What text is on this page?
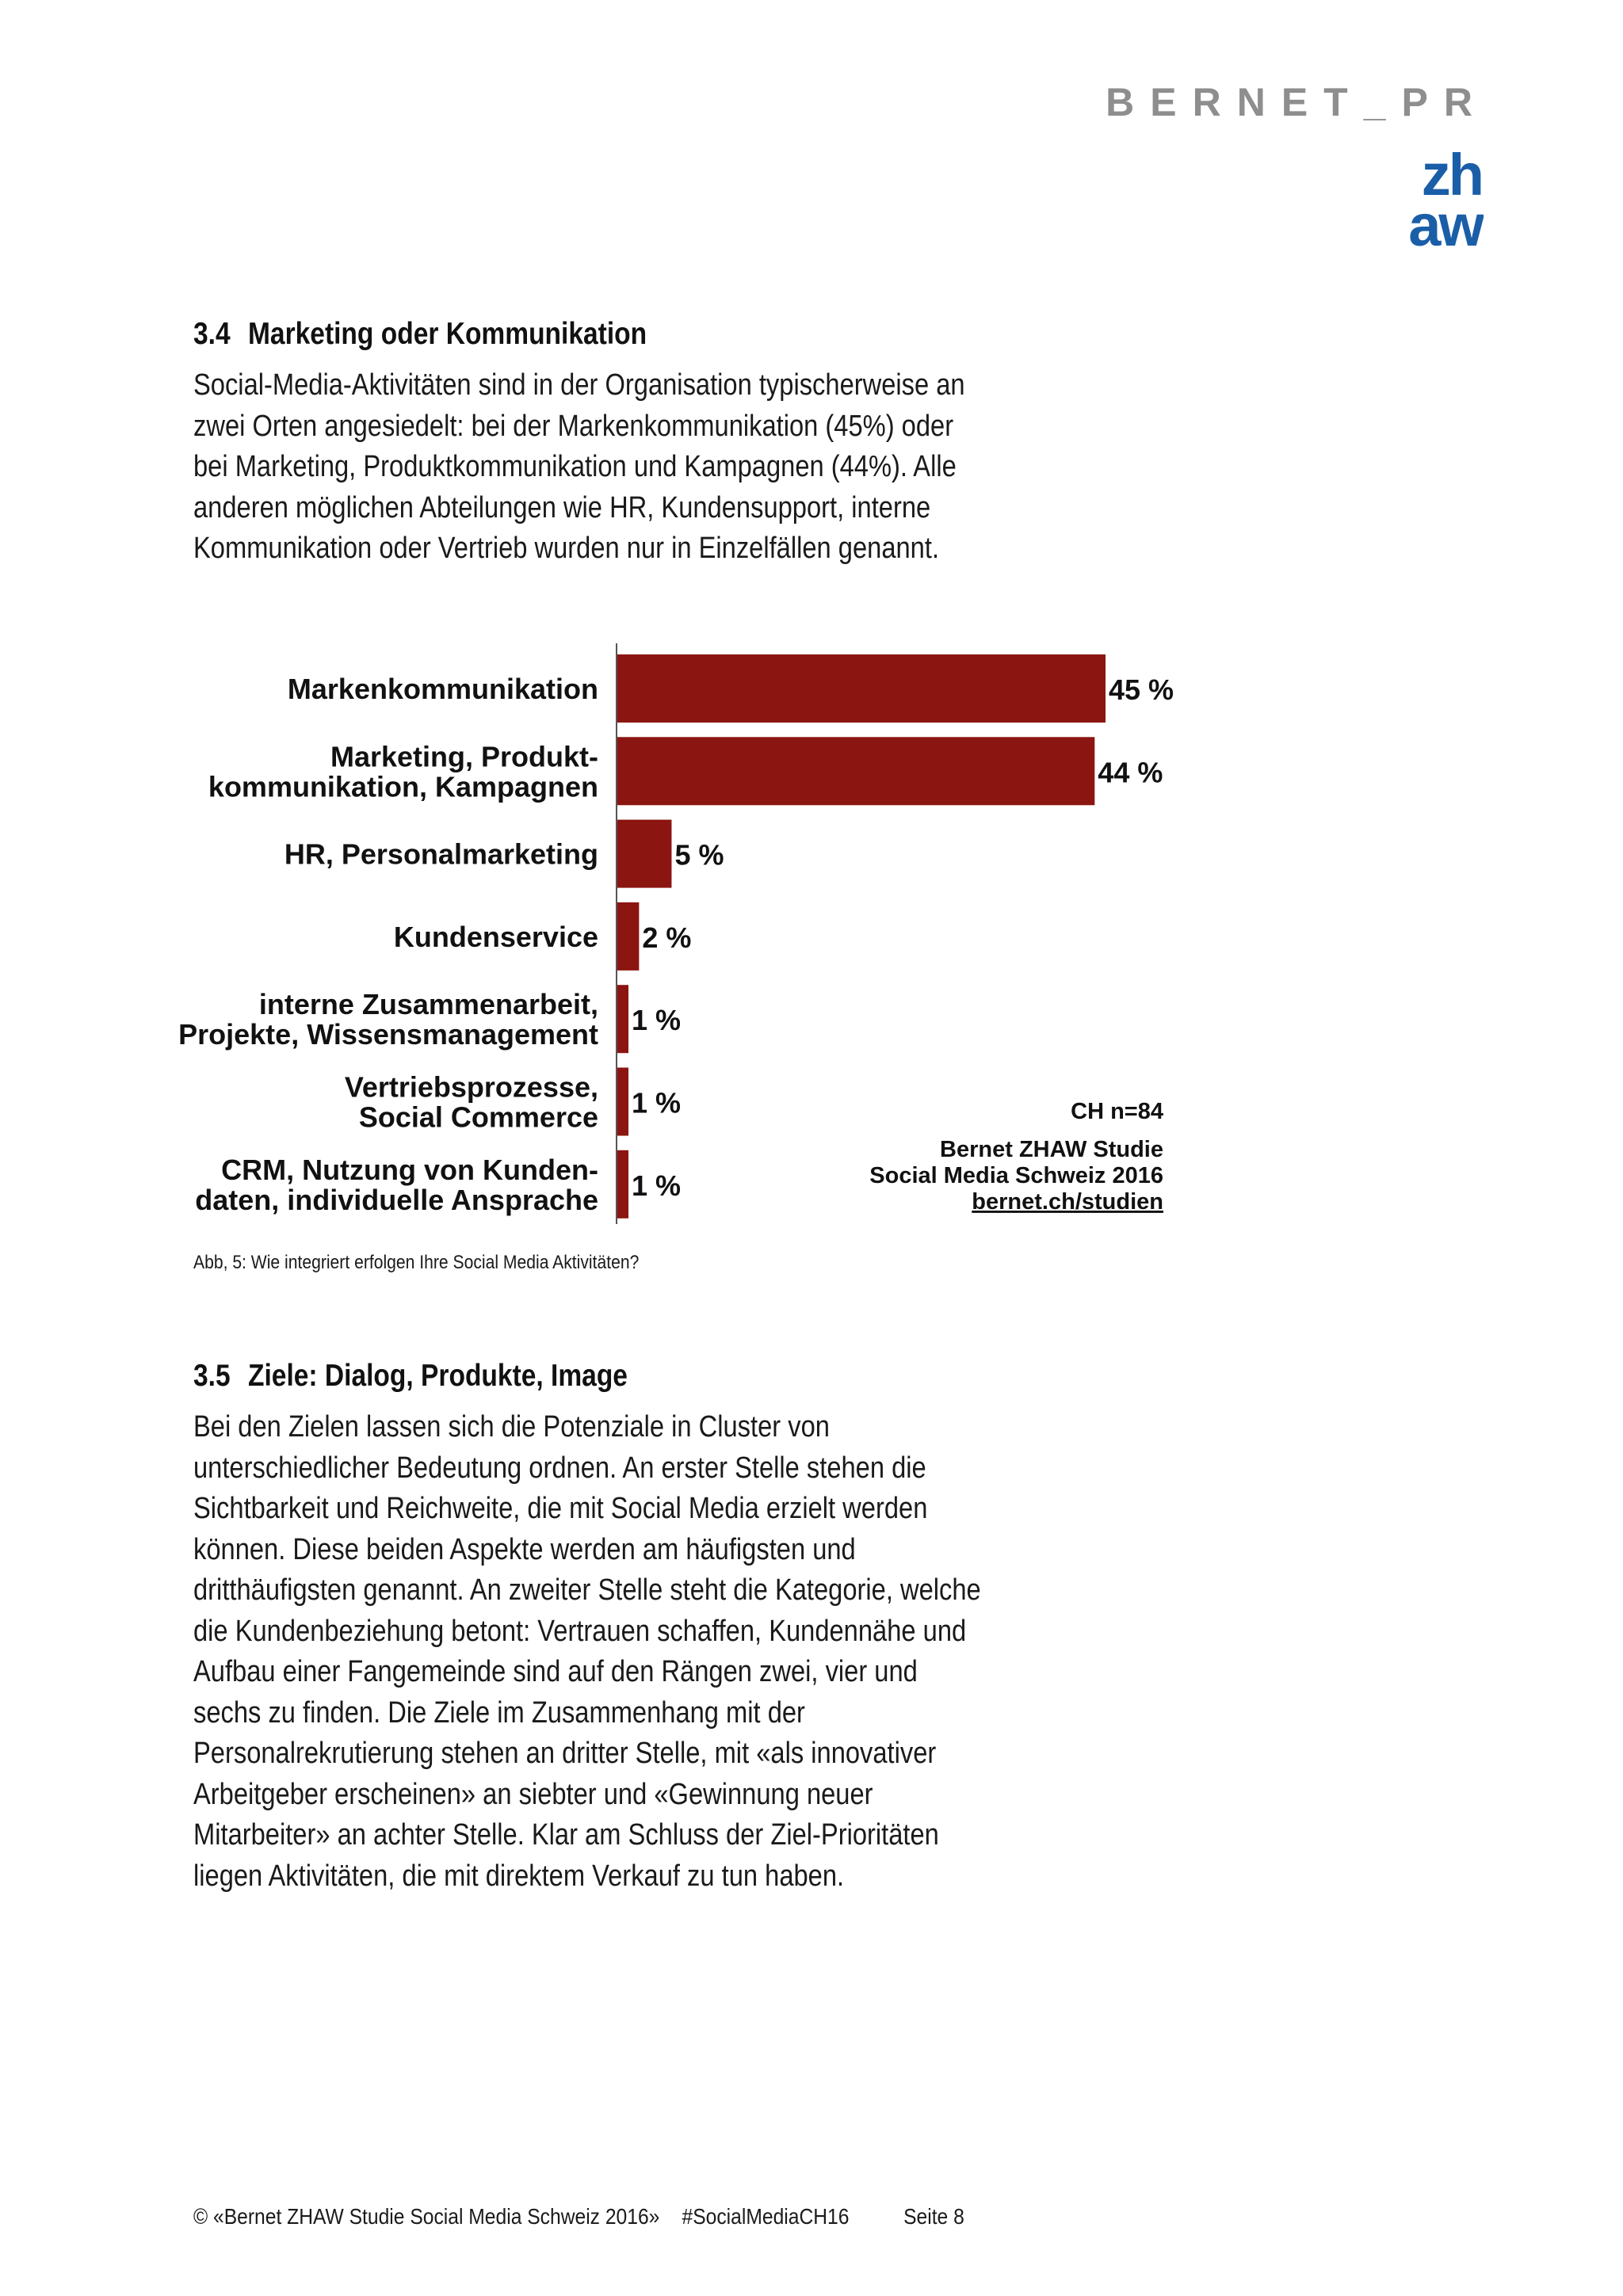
BERNET_PR
zh
aw
3.4 Marketing oder Kommunikation

Social-Media-Aktivitäten sind in der Organisation typischerweise an zwei Orten angesiedelt: bei der Markenkommunikation (45%) oder bei Marketing, Produktkommunikation und Kampagnen (44%). Alle anderen möglichen Abteilungen wie HR, Kundensupport, interne Kommunikation oder Vertrieb wurden nur in Einzelfällen genannt.

45 %
Markenkommunikation
44 %
Marketing, Produkt-
kommunikation, Kampagnen
5 %
HR, Personalmarketing
2 %
Kundenservice
1 %
interne Zusammenarbeit,
Projekte, Wissensmanagement
1 %
Vertriebsprozesse,
Social Commerce
1 %
CRM, Nutzung von Kunden-
daten, individuelle Ansprache
CH n=84
Bernet ZHAW Studie
Social Media Schweiz 2016
bernet.ch/studien
Abb, 5: Wie integriert erfolgen Ihre Social Media Aktivitäten?
3.5 Ziele: Dialog, Produkte, Image

Bei den Zielen lassen sich die Potenziale in Cluster von unterschiedlicher Bedeutung ordnen. An erster Stelle stehen die Sichtbarkeit und Reichweite, die mit Social Media erzielt werden können. Diese beiden Aspekte werden am häufigsten und dritthäufigsten genannt. An zweiter Stelle steht die Kategorie, welche die Kundenbeziehung betont: Vertrauen schaffen, Kundennähe und Aufbau einer Fangemeinde sind auf den Rängen zwei, vier und sechs zu finden. Die Ziele im Zusammenhang mit der Personalrekrutierung stehen an dritter Stelle, mit «als innovativer Arbeitgeber erscheinen» an siebter und «Gewinnung neuer Mitarbeiter» an achter Stelle. Klar am Schluss der Ziel-Prioritäten liegen Aktivitäten, die mit direktem Verkauf zu tun haben.

© «Bernet ZHAW Studie Social Media Schweiz 2016» #SocialMediaCH16 Seite 8
